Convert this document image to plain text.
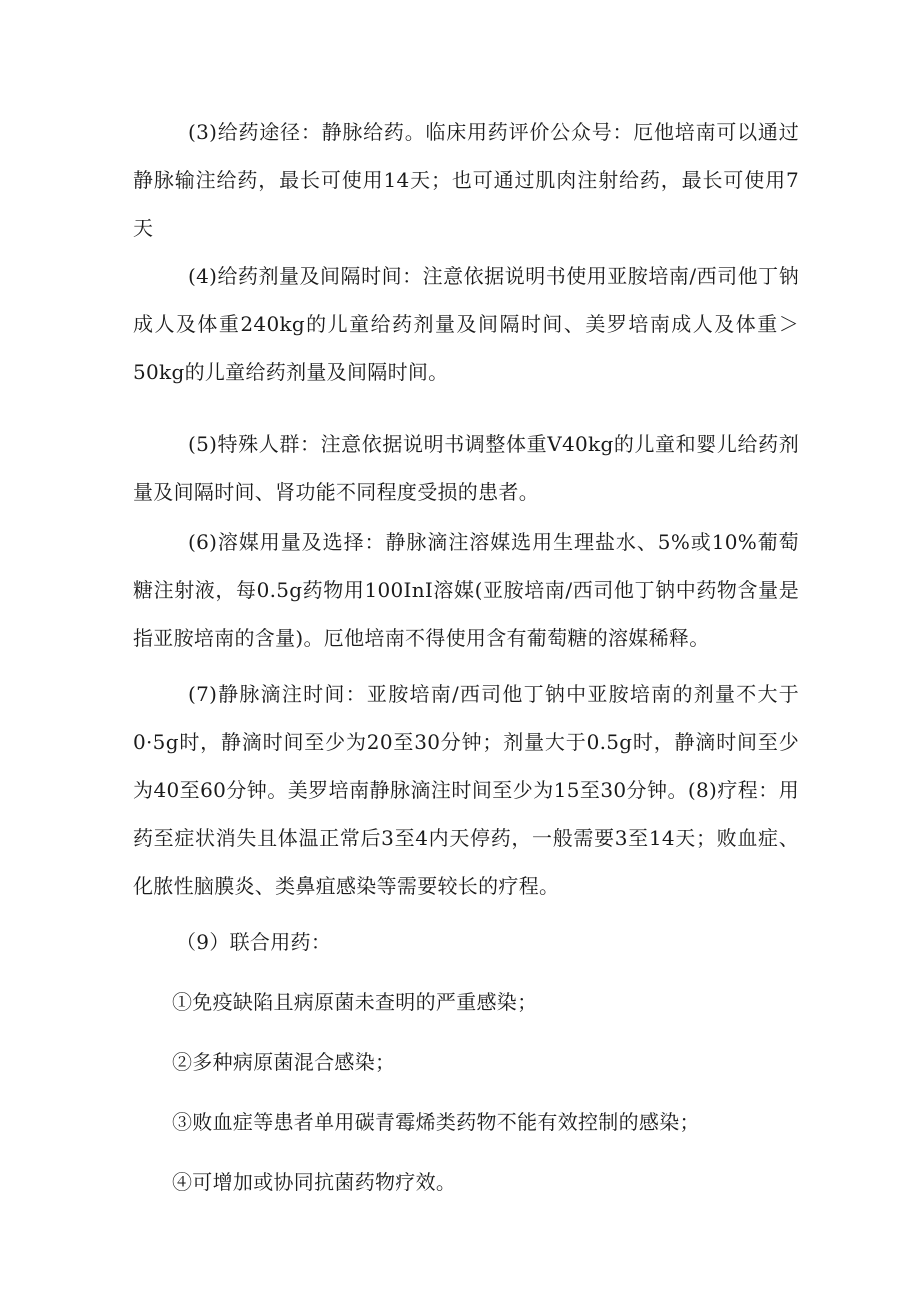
(3)给药途径：静脉给药。临床用药评价公众号：厄他培南可以通过静脉输注给药，最长可使用14天；也可通过肌肉注射给药，最长可使用7天

(4)给药剂量及间隔时间：注意依据说明书使用亚胺培南/西司他丁钠成人及体重240kg的儿童给药剂量及间隔时间、美罗培南成人及体重＞50kg的儿童给药剂量及间隔时间。

(5)特殊人群：注意依据说明书调整体重V40kg的儿童和婴儿给药剂量及间隔时间、肾功能不同程度受损的患者。

(6)溶媒用量及选择：静脉滴注溶媒选用生理盐水、5%或10%葡萄糖注射液，每0.5g药物用100InI溶媒(亚胺培南/西司他丁钠中药物含量是指亚胺培南的含量)。厄他培南不得使用含有葡萄糖的溶媒稀释。

(7)静脉滴注时间：亚胺培南/西司他丁钠中亚胺培南的剂量不大于0·5g时，静滴时间至少为20至30分钟；剂量大于0.5g时，静滴时间至少为40至60分钟。美罗培南静脉滴注时间至少为15至30分钟。(8)疗程：用药至症状消失且体温正常后3至4内天停药，一般需要3至14天；败血症、化脓性脑膜炎、类鼻疽感染等需要较长的疗程。

（9）联合用药：

①免疫缺陷且病原菌未查明的严重感染；

②多种病原菌混合感染；

③败血症等患者单用碳青霉烯类药物不能有效控制的感染；

④可增加或协同抗菌药物疗效。
